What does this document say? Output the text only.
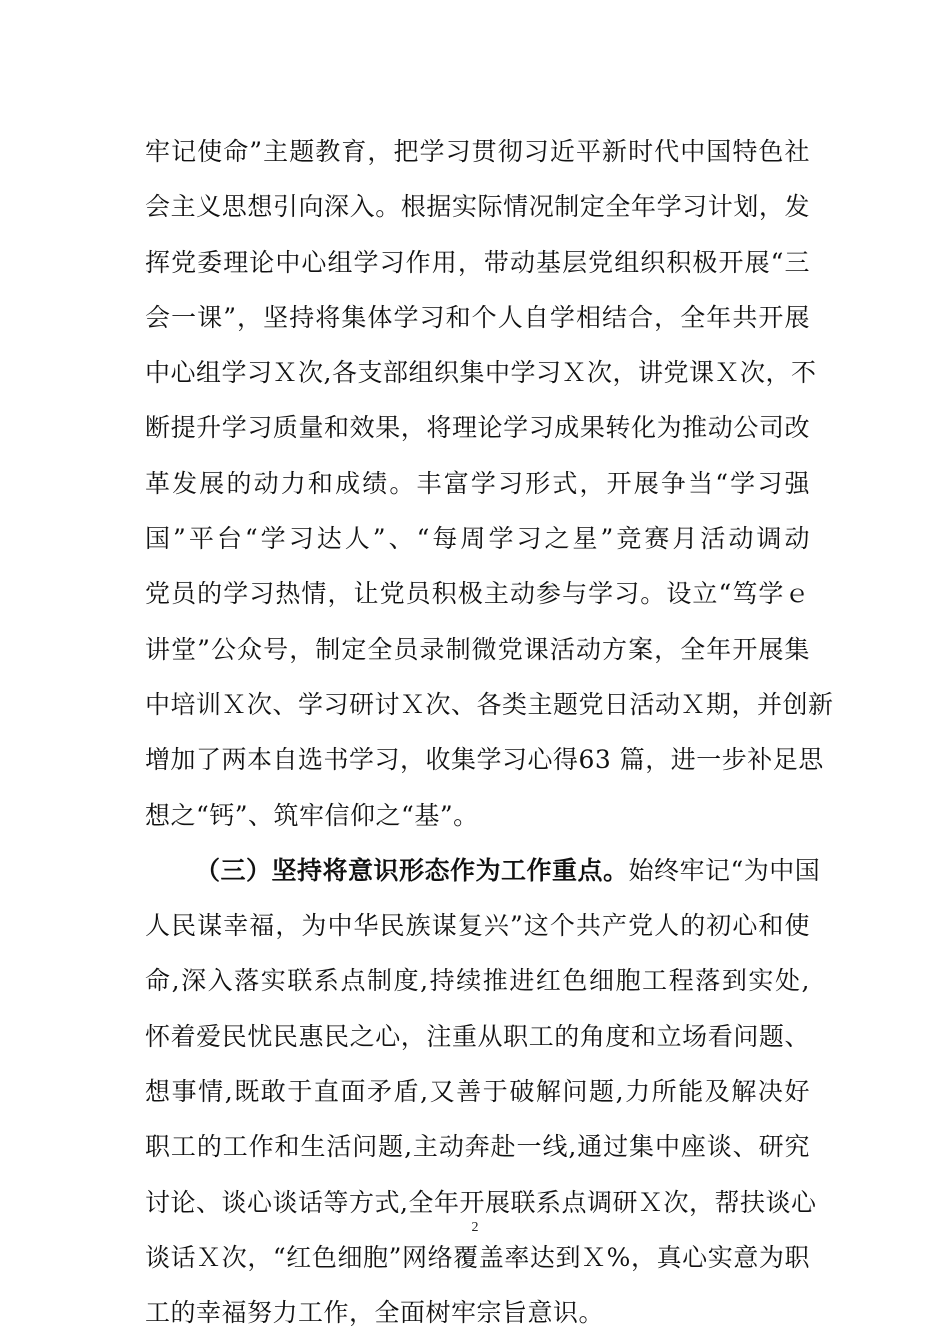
牢记使命”主题教育，把学习贯彻习近平新时代中国特色社
会主义思想引向深入。根据实际情况制定全年学习计划，发
挥党委理论中心组学习作用，带动基层党组织积极开展“三
会一课”，坚持将集体学习和个人自学相结合，全年共开展
中心组学习Ｘ次,各支部组织集中学习Ｘ次，讲党课Ｘ次，不
断提升学习质量和效果，将理论学习成果转化为推动公司改
革发展的动力和成绩。丰富学习形式，开展争当“学习强
国”平台“学习达人”、“每周学习之星”竞赛月活动调动
党员的学习热情，让党员积极主动参与学习。设立“笃学ｅ
讲堂”公众号，制定全员录制微党课活动方案，全年开展集
中培训Ｘ次、学习研讨Ｘ次、各类主题党日活动Ｘ期，并创新
增加了两本自选书学习，收集学习心得63 篇，进一步补足思
想之“钙”、筑牢信仰之“基”。
（三）坚持将意识形态作为工作重点。始终牢记“为中国
人民谋幸福，为中华民族谋复兴”这个共产党人的初心和使
命,深入落实联系点制度,持续推进红色细胞工程落到实处,
怀着爱民忧民惠民之心，注重从职工的角度和立场看问题、
想事情,既敢于直面矛盾,又善于破解问题,力所能及解决好
职工的工作和生活问题,主动奔赴一线,通过集中座谈、研究
讨论、谈心谈话等方式,全年开展联系点调研Ｘ次，帮扶谈心
谈话Ｘ次，“红色细胞”网络覆盖率达到Ｘ%，真心实意为职
工的幸福努力工作，全面树牢宗旨意识。
2
